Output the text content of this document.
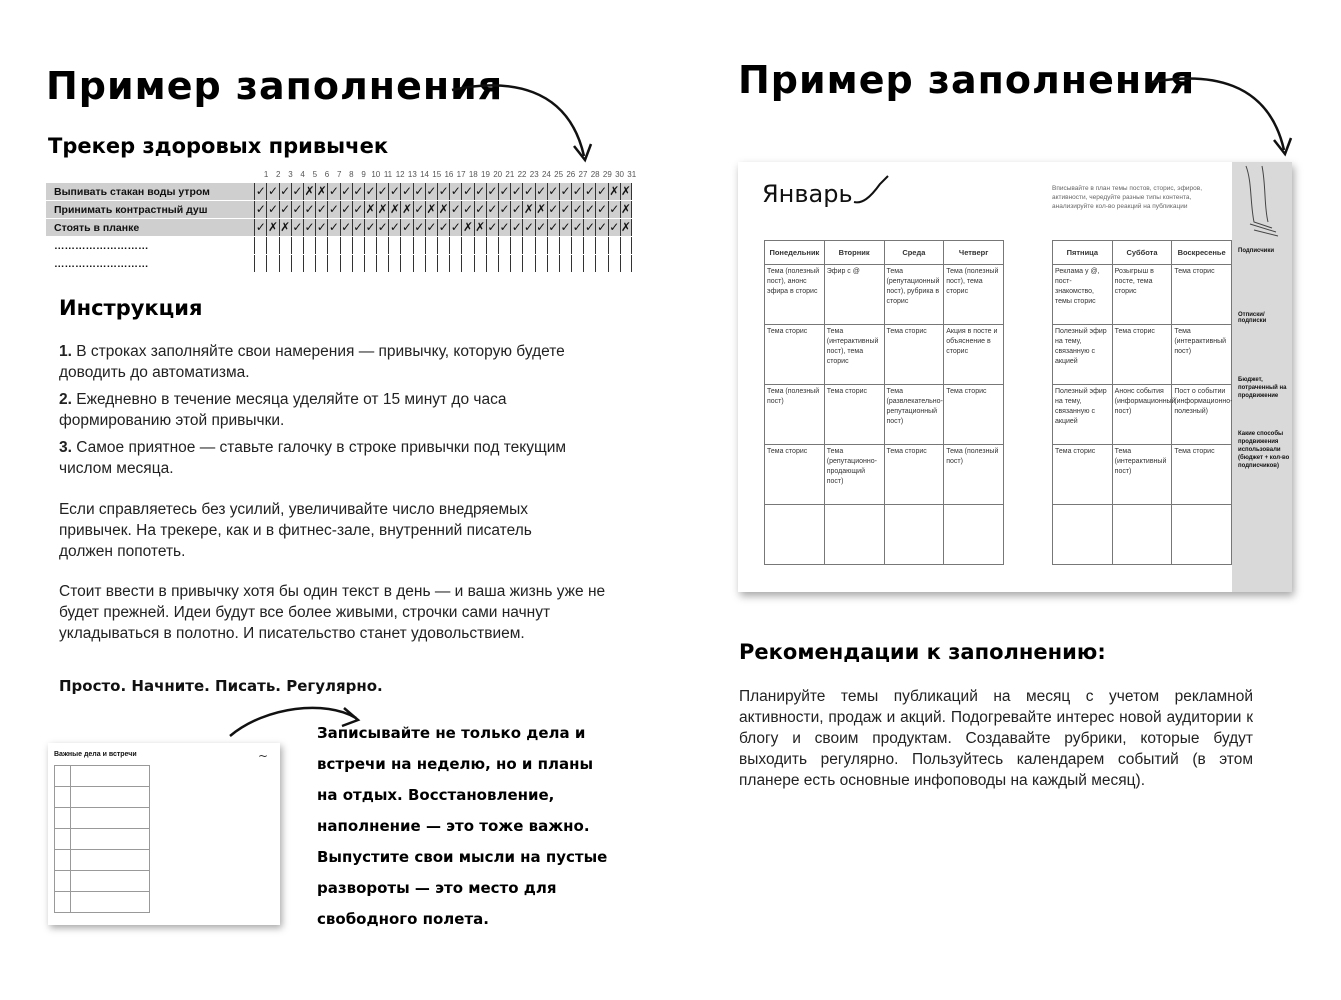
Пример заполнения
Трекер здоровых привычек
1 2 3 4 5 6 7 8 9 10 11 12 13 14 15 16 17 18 19 20 21 22 23 24 25 26 27 28 29 30 31
Выпивать стакан воды утром	✓ ✓ ✓ ✓ ✗ ✗ ✓ ✓ ✓ ✓ ✓ ✓ ✓ ✓ ✓ ✓ ✓ ✓ ✓ ✓ ✓ ✓ ✓ ✓ ✓ ✓ ✓ ✓ ✓ ✗ ✗
Принимать контрастный душ	✓ ✓ ✓ ✓ ✓ ✓ ✓ ✓ ✓ ✗ ✗ ✗ ✗ ✓ ✗ ✗ ✓ ✓ ✓ ✓ ✓ ✓ ✗ ✗ ✓ ✓ ✓ ✓ ✓ ✓ ✗
Стоять в планке	✓ ✗ ✗ ✓ ✓ ✓ ✓ ✓ ✓ ✓ ✓ ✓ ✓ ✓ ✓ ✓ ✓ ✗ ✗ ✓ ✓ ✓ ✓ ✓ ✓ ✓ ✓ ✓ ✓ ✓ ✗
………………………
………………………
Инструкция

1. В строках заполняйте свои намерения — привычку, которую будете доводить до автоматизма.

2. Ежедневно в течение месяца уделяйте от 15 минут до часа формированию этой привычки.

3. Самое приятное — ставьте галочку в строке привычки под текущим числом месяца.

Если справляетесь без усилий, увеличивайте число внедряемых привычек. На трекере, как и в фитнес-зале, внутренний писатель должен попотеть.

Стоит ввести в привычку хотя бы один текст в день — и ваша жизнь уже не будет прежней. Идеи будут все более живыми, строчки сами начнут укладываться в полотно. И писательство станет удовольствием.

Просто. Начните. Писать. Регулярно.
Важные дела и встречи	~
Записывайте не только дела и
встречи на неделю, но и планы
на отдых. Восстановление,
наполнение — это тоже важно.
Выпустите свои мысли на пустые
развороты — это место для
свободного полета.
Пример заполнения
Январь	Вписывайте в план темы постов, сторис, эфиров, активности, чередуйте разные типы контента, анализируйте кол-во реакций на публикации
Понедельник	Вторник	Среда	Четверг
Тема (полезный пост), анонс эфира в сторис	Эфир с @	Тема (репутационный пост), рубрика в сторис	Тема (полезный пост), тема сторис
Тема сторис	Тема (интерактивный пост), тема сторис	Тема сторис	Акция в посте и объяснение в сторис
Тема (полезный пост)	Тема сторис	Тема (развлекательно-репутационный пост)	Тема сторис
Тема сторис	Тема (репутационно-продающий пост)	Тема сторис	Тема (полезный пост)

Пятница	Суббота	Воскресенье
Реклама у @, пост-знакомство, темы сторис	Розыгрыш в посте, тема сторис	Тема сторис
Полезный эфир на тему, связанную с акцией	Тема сторис	Тема (интерактивный пост)
Полезный эфир на тему, связанную с акцией	Анонс события (информационный пост)	Пост о событии (информационно-полезный)
Тема сторис	Тема (интерактивный пост)	Тема сторис

Подписчики
Отписки/подписки
Бюджет, потраченный на продвижение
Какие способы продвижения использовали (бюджет + кол-во подписчиков)
Рекомендации к заполнению:

Планируйте темы публикаций на месяц с учетом рекламной активности, продаж и акций. Подогревайте интерес новой аудитории к блогу и своим продуктам. Создавайте рубрики, которые будут выходить регулярно. Пользуйтесь календарем событий (в этом планере есть основные инфоповоды на каждый месяц).
